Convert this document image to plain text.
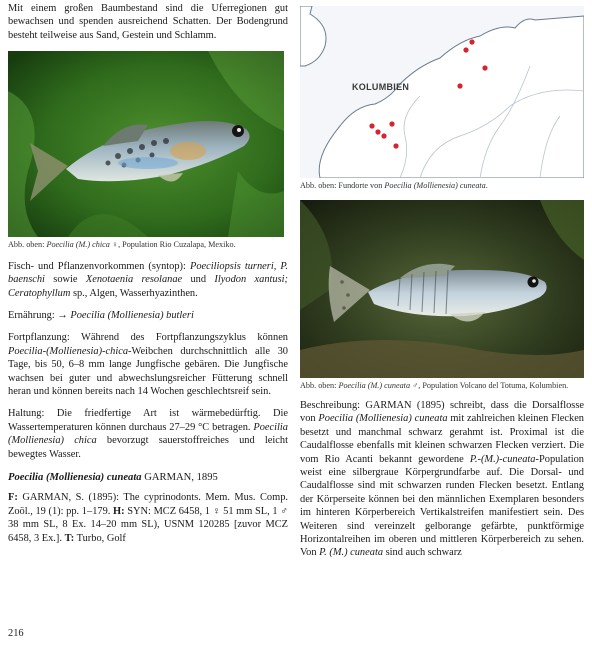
Mit einem großen Baumbestand sind die Uferregionen gut bewachsen und spenden ausreichend Schatten. Der Bodengrund besteht teilweise aus Sand, Gestein und Schlamm.

Abb. oben: Poecilia (M.) chica ♀, Population Rio Cuzalapa, Mexiko.

Fisch- und Pflanzenvorkommen (syntop): Poeciliopsis turneri, P. baenschi sowie Xenotaenia resolanae und Ilyodon xantusi; Ceratophyllum sp., Algen, Wasserhyazinthen.

Ernährung: → Poecilia (Mollienesia) butleri

Fortpflanzung: Während des Fortpflanzungszyklus können Poecilia-(Mollienesia)-chica-Weibchen durchschnittlich alle 30 Tage, bis 50, 6–8 mm lange Jungfische gebären. Die Jungfische wachsen bei guter und abwechslungsreicher Fütterung schnell heran und können bereits nach 14 Wochen geschlechtsreif sein.

Haltung: Die friedfertige Art ist wärmebedürftig. Die Wassertemperaturen können durchaus 27–29 °C betragen. Poecilia (Mollienesia) chica bevorzugt sauerstoffreiches und leicht bewegtes Wasser.

Poecilia (Mollienesia) cuneata GARMAN, 1895

F: GARMAN, S. (1895): The cyprinodonts. Mem. Mus. Comp. Zoöl., 19 (1): pp. 1–179. H: SYN: MCZ 6458, 1 ♀ 51 mm SL, 1 ♂ 38 mm SL, 8 Ex. 14–20 mm SL), USNM 120285 [zuvor MCZ 6458, 3 Ex.]. T: Turbo, Golf

216
KOLUMBIEN

Abb. oben: Fundorte von Poecilia (Mollienesia) cuneata.

Abb. oben: Poecilia (M.) cuneata ♂, Population Volcano del Totuma, Kolumbien.

Beschreibung: GARMAN (1895) schreibt, dass die Dorsalflosse von Poecilia (Mollienesia) cuneata mit zahlreichen kleinen Flecken besetzt und manchmal schwarz gerahmt ist. Proximal ist die Caudalflosse ebenfalls mit kleinen schwarzen Flecken verziert. Die vom Rio Acanti bekannt gewordene P.-(M.)-cuneata-Population weist eine silbergraue Körpergrundfarbe auf. Die Dorsal- und Caudalflosse sind mit schwarzen runden Flecken besetzt. Entlang der Körperseite können bei den männlichen Exemplaren besonders im hinteren Körperbereich Vertikalstreifen manifestiert sein. Des Weiteren sind vereinzelt gelborange gefärbte, punktförmige Horizontalreihen im oberen und mittleren Körperbereich zu sehen. Von P. (M.) cuneata sind auch schwarz
